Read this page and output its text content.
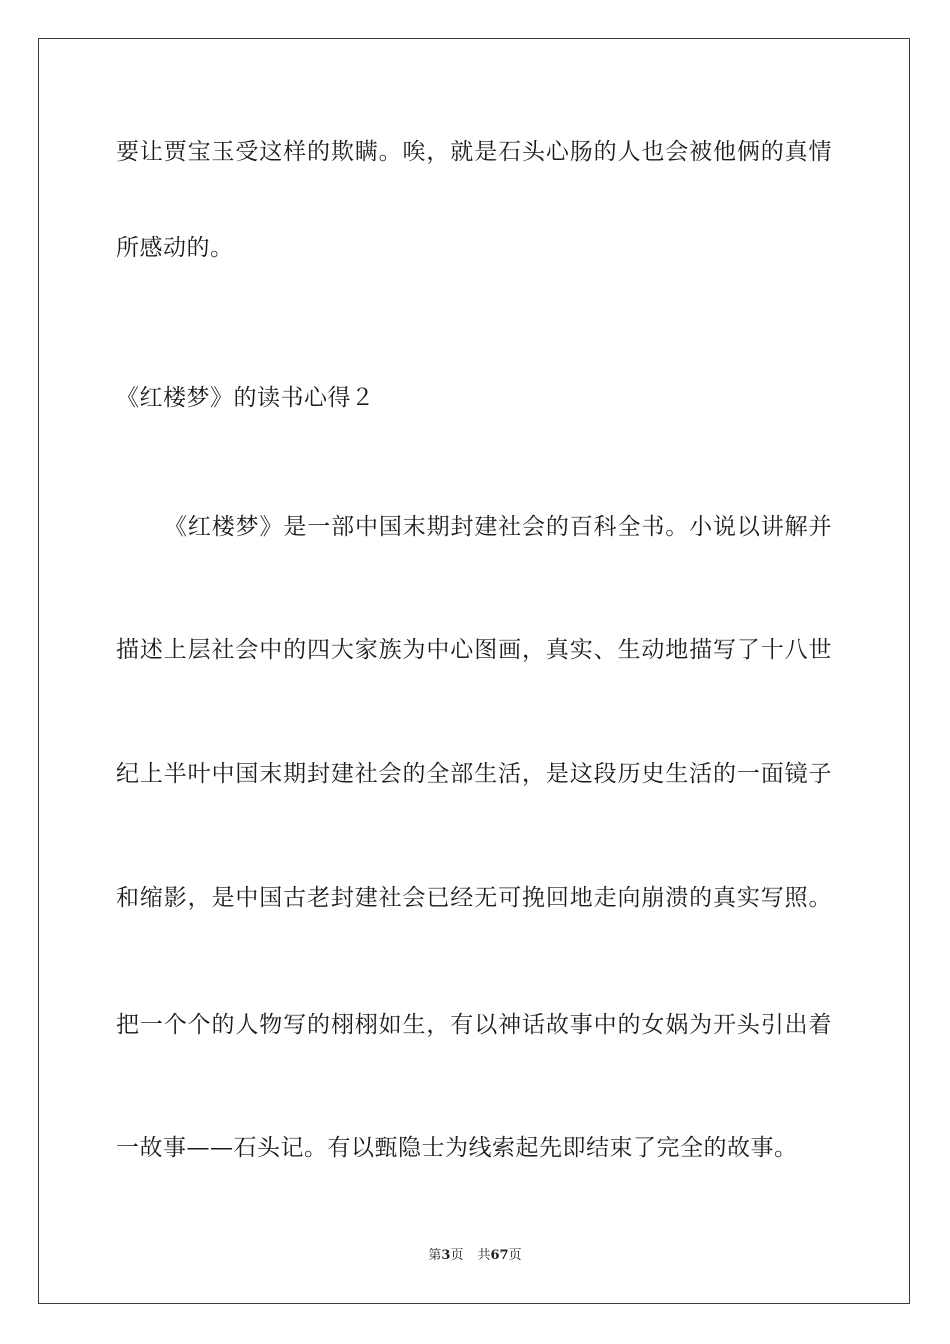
要让贾宝玉受这样的欺瞒。唉，就是石头心肠的人也会被他俩的真情
所感动的。
《红楼梦》的读书心得２
《红楼梦》是一部中国末期封建社会的百科全书。小说以讲解并
描述上层社会中的四大家族为中心图画，真实、生动地描写了十八世
纪上半叶中国末期封建社会的全部生活，是这段历史生活的一面镜子
和缩影，是中国古老封建社会已经无可挽回地走向崩溃的真实写照。
把一个个的人物写的栩栩如生，有以神话故事中的女娲为开头引出着
一故事——石头记。有以甄隐士为线索起先即结束了完全的故事。
第3页 共67页
